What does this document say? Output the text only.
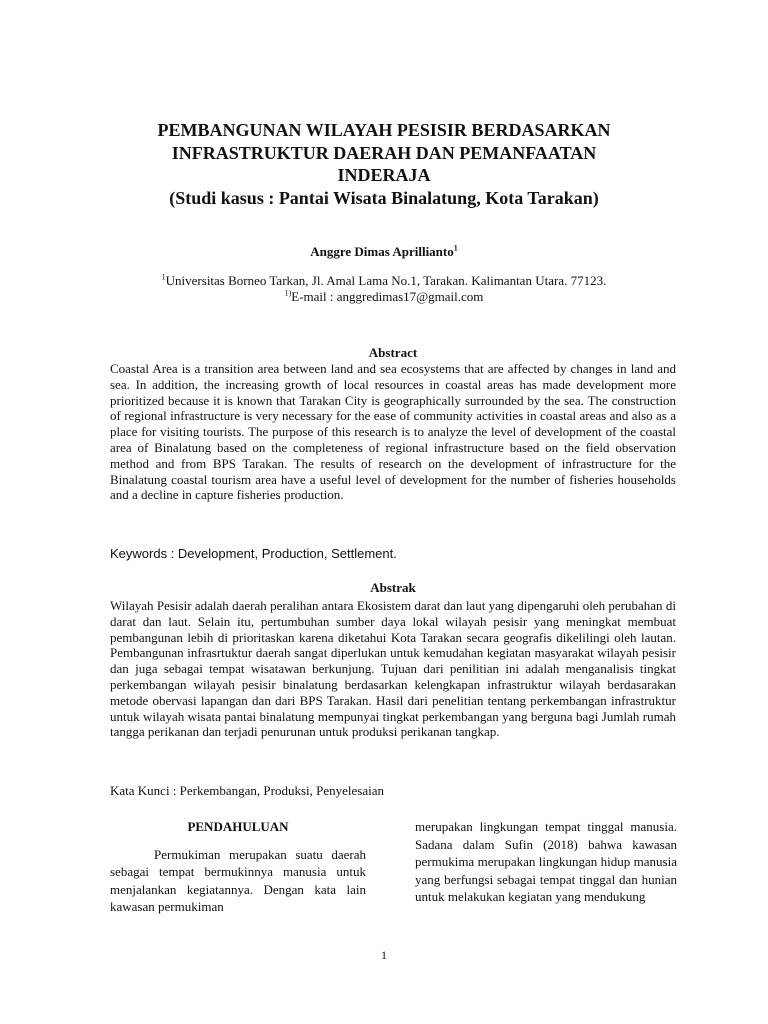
PEMBANGUNAN WILAYAH PESISIR BERDASARKAN
INFRASTRUKTUR DAERAH DAN PEMANFAATAN
INDERAJA
(Studi kasus : Pantai Wisata Binalatung, Kota Tarakan)
Anggre Dimas Aprillianto$^1$
$^1$Universitas Borneo Tarkan, Jl. Amal Lama No.1, Tarakan. Kalimantan Utara. 77123.
$^{1)}$E-mail : anggredimas17@gmail.com
Abstract
Coastal Area is a transition area between land and sea ecosystems that are affected by changes in land and sea. In addition, the increasing growth of local resources in coastal areas has made development more prioritized because it is known that Tarakan City is geographically surrounded by the sea. The construction of regional infrastructure is very necessary for the ease of community activities in coastal areas and also as a place for visiting tourists. The purpose of this research is to analyze the level of development of the coastal area of Binalatung based on the completeness of regional infrastructure based on the field observation method and from BPS Tarakan. The results of research on the development of infrastructure for the Binalatung coastal tourism area have a useful level of development for the number of fisheries households and a decline in capture fisheries production.
Keywords : Development, Production, Settlement.
Abstrak
Wilayah Pesisir adalah daerah peralihan antara Ekosistem darat dan laut yang dipengaruhi oleh perubahan di darat dan laut. Selain itu, pertumbuhan sumber daya lokal wilayah pesisir yang meningkat membuat pembangunan lebih di prioritaskan karena diketahui Kota Tarakan secara geografis dikelilingi oleh lautan. Pembangunan infrasrtuktur daerah sangat diperlukan untuk kemudahan kegiatan masyarakat wilayah pesisir dan juga sebagai tempat wisatawan berkunjung. Tujuan dari penilitian ini adalah menganalisis tingkat perkembangan wilayah pesisir binalatung berdasarkan kelengkapan infrastruktur wilayah berdasarakan metode obervasi lapangan dan dari BPS Tarakan. Hasil dari penelitian tentang perkembangan infrastruktur untuk wilayah wisata pantai binalatung mempunyai tingkat perkembangan yang berguna bagi Jumlah rumah tangga perikanan dan terjadi penurunan untuk produksi perikanan tangkap.
Kata Kunci : Perkembangan, Produksi, Penyelesaian
PENDAHULUAN
Permukiman merupakan suatu daerah sebagai tempat bermukinnya manusia untuk menjalankan kegiatannya. Dengan kata lain kawasan permukiman
merupakan lingkungan tempat tinggal manusia. Sadana dalam Sufin (2018) bahwa kawasan permukima merupakan lingkungan hidup manusia yang berfungsi sebagai tempat tinggal dan hunian untuk melakukan kegiatan yang mendukung
1
